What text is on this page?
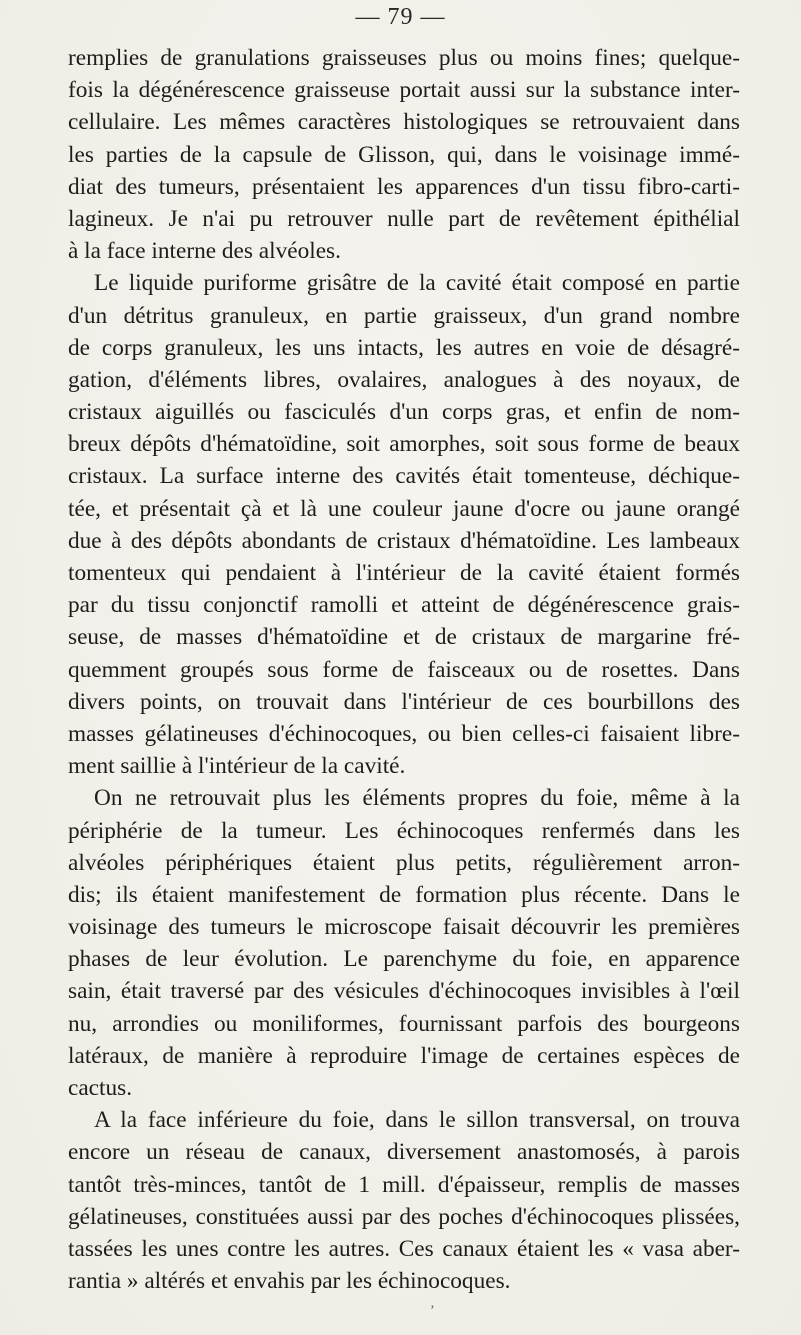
— 79 —
remplies de granulations graisseuses plus ou moins fines; quelque-
fois la dégénérescence graisseuse portait aussi sur la substance inter-
cellulaire. Les mêmes caractères histologiques se retrouvaient dans
les parties de la capsule de Glisson, qui, dans le voisinage immé-
diat des tumeurs, présentaient les apparences d'un tissu fibro-carti-
lagineux. Je n'ai pu retrouver nulle part de revêtement épithélial
à la face interne des alvéoles.
Le liquide puriforme grisâtre de la cavité était composé en partie
d'un détritus granuleux, en partie graisseux, d'un grand nombre
de corps granuleux, les uns intacts, les autres en voie de désagré-
gation, d'éléments libres, ovalaires, analogues à des noyaux, de
cristaux aiguillés ou fasciculés d'un corps gras, et enfin de nom-
breux dépôts d'hématoïdine, soit amorphes, soit sous forme de beaux
cristaux. La surface interne des cavités était tomenteuse, déchique-
tée, et présentait çà et là une couleur jaune d'ocre ou jaune orangé
due à des dépôts abondants de cristaux d'hématoïdine. Les lambeaux
tomenteux qui pendaient à l'intérieur de la cavité étaient formés
par du tissu conjonctif ramolli et atteint de dégénérescence grais-
seuse, de masses d'hématoïdine et de cristaux de margarine fré-
quemment groupés sous forme de faisceaux ou de rosettes. Dans
divers points, on trouvait dans l'intérieur de ces bourbillons des
masses gélatineuses d'échinocoques, ou bien celles-ci faisaient libre-
ment saillie à l'intérieur de la cavité.
On ne retrouvait plus les éléments propres du foie, même à la
périphérie de la tumeur. Les échinocoques renfermés dans les
alvéoles périphériques étaient plus petits, régulièrement arron-
dis; ils étaient manifestement de formation plus récente. Dans le
voisinage des tumeurs le microscope faisait découvrir les premières
phases de leur évolution. Le parenchyme du foie, en apparence
sain, était traversé par des vésicules d'échinocoques invisibles à l'œil
nu, arrondies ou moniliformes, fournissant parfois des bourgeons
latéraux, de manière à reproduire l'image de certaines espèces de
cactus.
A la face inférieure du foie, dans le sillon transversal, on trouva
encore un réseau de canaux, diversement anastomosés, à parois
tantôt très-minces, tantôt de 1 mill. d'épaisseur, remplis de masses
gélatineuses, constituées aussi par des poches d'échinocoques plissées,
tassées les unes contre les autres. Ces canaux étaient les « vasa aber-
rantia » altérés et envahis par les échinocoques.
‚
